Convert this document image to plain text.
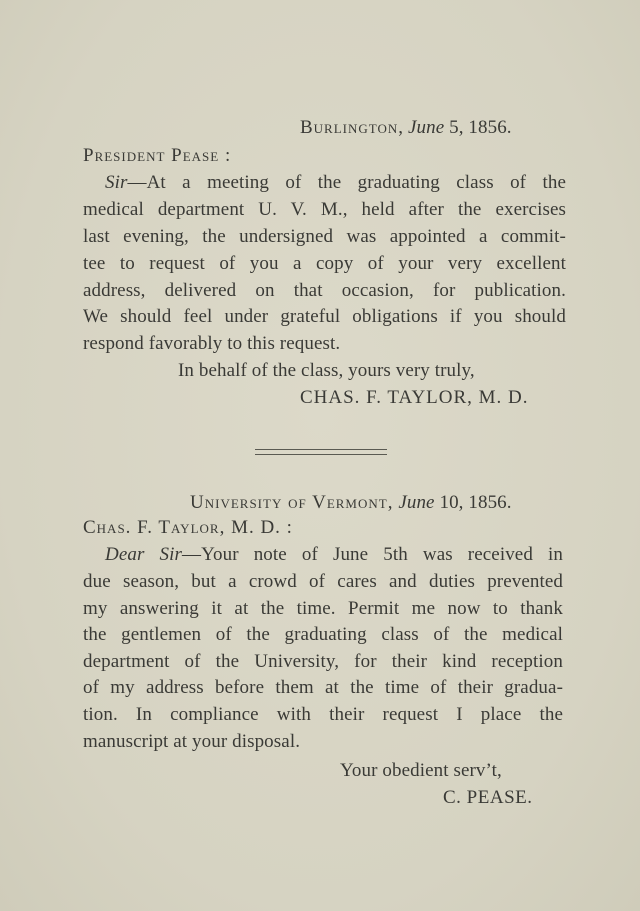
Burlington, June 5, 1856.
President Pease :
Sir—At a meeting of the graduating class of the
medical department U. V. M., held after the exercises
last evening, the undersigned was appointed a commit-
tee to request of you a copy of your very excellent
address, delivered on that occasion, for publication.
We should feel under grateful obligations if you should
respond favorably to this request.
In behalf of the class, yours very truly,
CHAS. F. TAYLOR, M. D.
University of Vermont, June 10, 1856.
Chas. F. Taylor, M. D. :
Dear Sir—Your note of June 5th was received in
due season, but a crowd of cares and duties prevented
my answering it at the time. Permit me now to thank
the gentlemen of the graduating class of the medical
department of the University, for their kind reception
of my address before them at the time of their gradua-
tion. In compliance with their request I place the
manuscript at your disposal.
Your obedient serv’t,
C. PEASE.
